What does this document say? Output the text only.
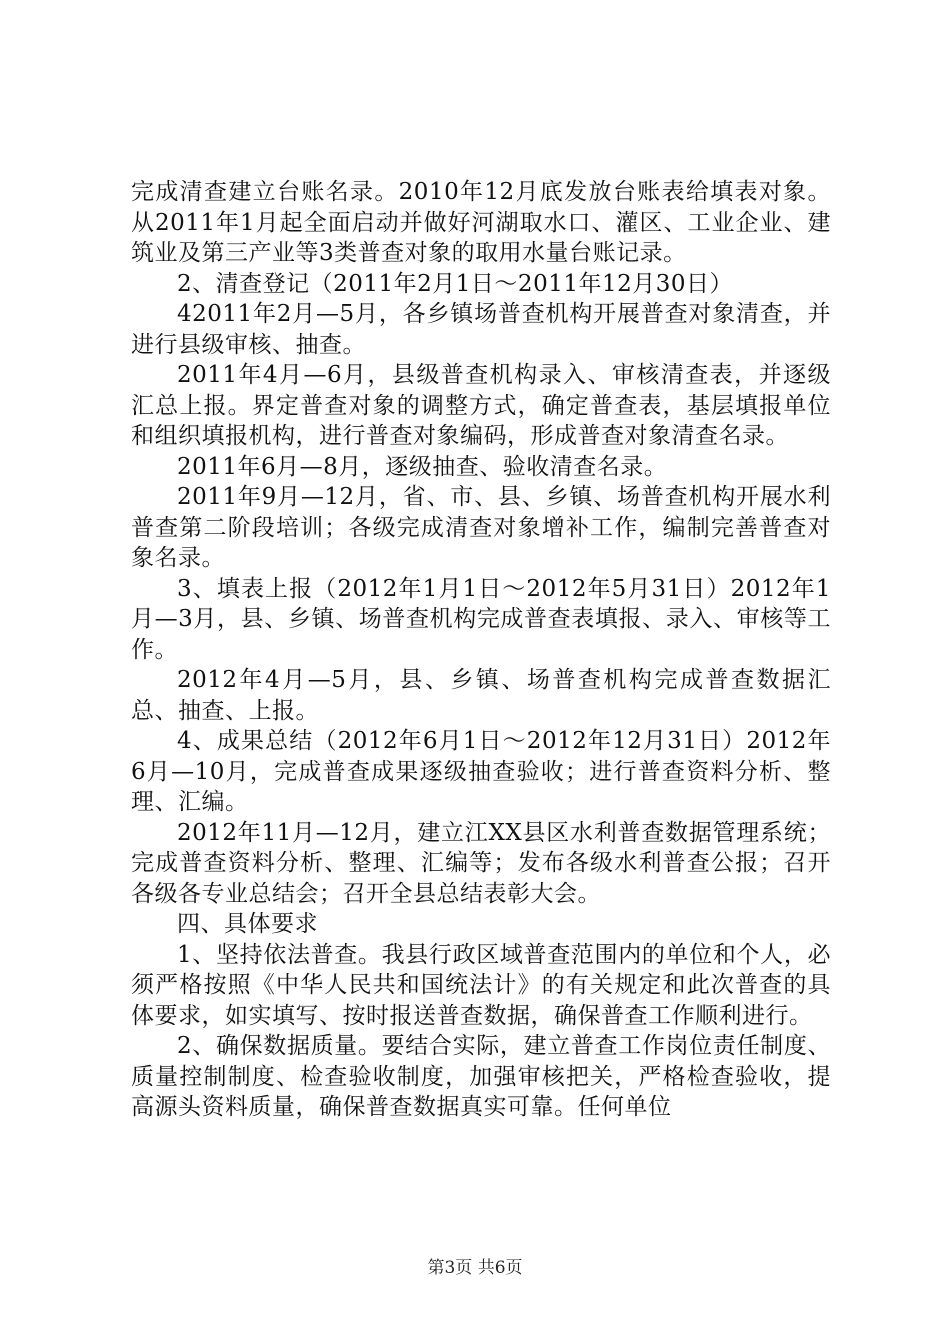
完成清查建立台账名录。2010年12月底发放台账表给填表对象。从2011年1月起全面启动并做好河湖取水口、灌区、工业企业、建筑业及第三产业等3类普查对象的取用水量台账记录。

2、清查登记（2011年2月1日～2011年12月30日）

42011年2月—5月，各乡镇场普查机构开展普查对象清查，并进行县级审核、抽查。

2011年4月—6月，县级普查机构录入、审核清查表，并逐级汇总上报。界定普查对象的调整方式，确定普查表，基层填报单位和组织填报机构，进行普查对象编码，形成普查对象清查名录。

2011年6月—8月，逐级抽查、验收清查名录。

2011年9月—12月，省、市、县、乡镇、场普查机构开展水利普查第二阶段培训；各级完成清查对象增补工作，编制完善普查对象名录。

3、填表上报（2012年1月1日～2012年5月31日）2012年1月—3月，县、乡镇、场普查机构完成普查表填报、录入、审核等工作。

2012年4月—5月，县、乡镇、场普查机构完成普查数据汇总、抽查、上报。

4、成果总结（2012年6月1日～2012年12月31日）2012年6月—10月，完成普查成果逐级抽查验收；进行普查资料分析、整理、汇编。

2012年11月—12月，建立江XX县区水利普查数据管理系统；完成普查资料分析、整理、汇编等；发布各级水利普查公报；召开各级各专业总结会；召开全县总结表彰大会。

四、具体要求

1、坚持依法普查。我县行政区域普查范围内的单位和个人，必须严格按照《中华人民共和国统法计》的有关规定和此次普查的具体要求，如实填写、按时报送普查数据，确保普查工作顺利进行。

2、确保数据质量。要结合实际，建立普查工作岗位责任制度、质量控制制度、检查验收制度，加强审核把关，严格检查验收，提高源头资料质量，确保普查数据真实可靠。任何单位

第3页 共6页
